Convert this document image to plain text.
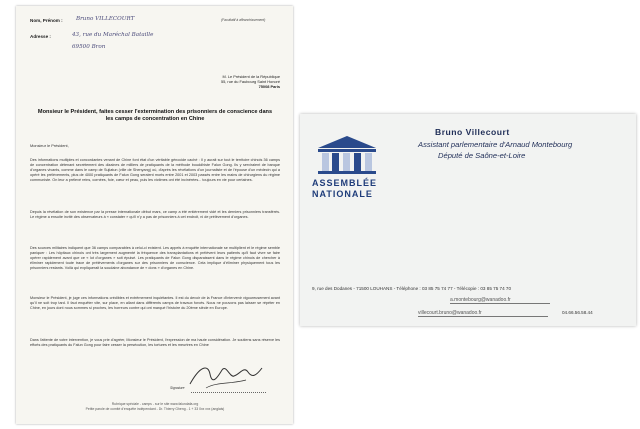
Nom, Prénom : Bruno VILLECOURT
Adresse :	43, rue du Maréchal Bataille
69500 Bron
(Facultatif à affranchissement)
M. Le Président de la République
55, rue du Faubourg Saint Honoré
75008 Paris
Monsieur le Président, faites cesser l'extermination des prisonniers de conscience dans les camps de concentration en Chine
Monsieur le Président,
Des informations multiples et concordantes venant de Chine font état d'un véritable génocide caché : Il y aurait sur tout le territoire chinois 36 camps de concentration détenant secrètement des dizaines de milliers de pratiquants de la méthode bouddhiste Falun Gong. Ils y serviraient de banque d'organes vivants, comme dans le camp de Sujiatun (ville de Shenyang) où, d'après les révélations d'un journaliste et de l'épouse d'un médecin qui a opéré les prélèvements, plus de 4000 pratiquants de Falun Gong seraient morts entre 2001 et 2003 passés entre les mains de chirurgiens du régime communiste. On leur a prélevé reins, cornées, foie, cœur et peau, puis les victimes ont été incinérées... toujours en vie pour certaines.
Depuis la révélation de son existence par la presse internationale début mars, ce camp a été entièrement vidé et les derniers prisonniers transférés. Le régime a ensuite invité des observateurs à « constater » qu'il n'y a pas de prisonniers à cet endroit, ni de prélèvement d'organes.
Des sources militaires indiquent que 36 camps comparables à celui-ci existent. Les appels à enquête internationale se multiplient et le régime semble paniquer : Les hôpitaux chinois ont très largement augmenté la fréquence des transplantations et prélèvent leurs patients qu'il faut vivre se faire opérer rapidement avant que ce « lot d'organes » soit épuisé. Les pratiquants de Falun Gong disparaissent dans le régime chinois de chercher à éliminer rapidement toute trace de prélèvements d'organes sur des prisonniers de conscience. Cela implique d'éliminer physiquement tous les prisonniers restants. Voilà qui expliquerait la soudaine abondance de « dons » d'organes en Chine.
Monsieur le Président, je juge ces informations crédibles et extrêmement inquiétantes. Il est du devoir de la France d'intervenir vigoureusement avant qu'il ne soit trop tard. Il faut enquêter vite, sur place, en allant dans différents camps de travaux forcés. Nous ne pouvons pas laisser se répéter en Chine, en jours dont nous sommes si proches, les horreurs contre qui ont marqué l'histoire du 20ème siècle en Europe.
Dans l'attente de votre intervention, je vous prie d'agréer, Monsieur le Président, l'expression de ma haute considération. Je soutiens sans réserve les efforts des pratiquants du Falun Gong pour faire cesser la persécution, les tortures et les meurtres en Chine
Signature
Rubrique spéciale - camps - sur le site www.falundafa.org
Petite parole de comité d'enquête indépendant - Dr. Thierry Gheng - 1 + 33 0xx xxx (anglais)
ASSEMBLÉE
NATIONALE
Bruno Villecourt
Assistant parlementaire d'Arnaud Montebourg
Député de Saône-et-Loire
9, rue des Dodanes - 71500 LOUHANS - Téléphone : 03 85 75 74 77 - Télécopie : 03 85 75 74 70
a.montebourg@wanadoo.fr
villecourt.bruno@wanadoo.fr	04.66.56.58.44
